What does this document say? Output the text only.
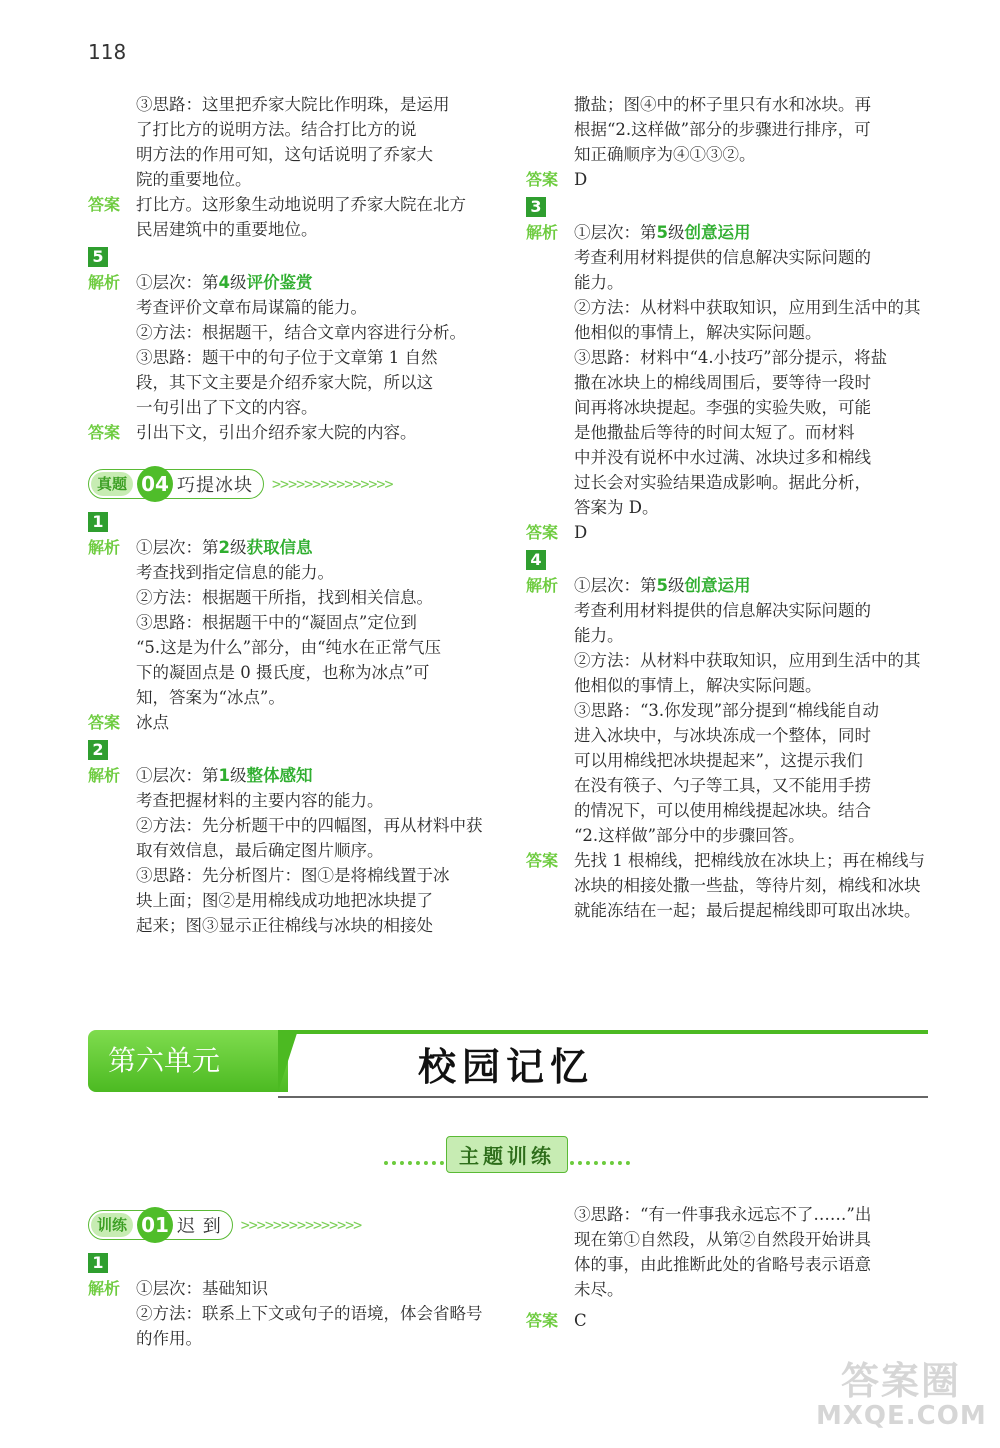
118
③思路：这里把乔家大院比作明珠，是运用
了打比方的说明方法。结合打比方的说
明方法的作用可知，这句话说明了乔家大
院的重要地位。
答案 打比方。这形象生动地说明了乔家大院在北方
民居建筑中的重要地位。
5
解析 ①层次：第4级评价鉴赏
考查评价文章布局谋篇的能力。
②方法：根据题干，结合文章内容进行分析。
③思路：题干中的句子位于文章第 1 自然
段，其下文主要是介绍乔家大院，所以这
一句引出了下文的内容。
答案 引出下文，引出介绍乔家大院的内容。
真题 04 巧提冰块 >>>>>>>>>>>>>>>
1
解析 ①层次：第2级获取信息
考查找到指定信息的能力。
②方法：根据题干所指，找到相关信息。
③思路：根据题干中的“凝固点”定位到
“5.这是为什么”部分，由“纯水在正常气压
下的凝固点是 0 摄氏度，也称为冰点”可
知，答案为“冰点”。
答案 冰点
2
解析 ①层次：第1级整体感知
考查把握材料的主要内容的能力。
②方法：先分析题干中的四幅图，再从材料中获
取有效信息，最后确定图片顺序。
③思路：先分析图片：图①是将棉线置于冰
块上面；图②是用棉线成功地把冰块提了
起来；图③显示正往棉线与冰块的相接处
撒盐；图④中的杯子里只有水和冰块。再
根据“2.这样做”部分的步骤进行排序，可
知正确顺序为④①③②。
答案 D
3
解析 ①层次：第5级创意运用
考查利用材料提供的信息解决实际问题的
能力。
②方法：从材料中获取知识，应用到生活中的其
他相似的事情上，解决实际问题。
③思路：材料中“4.小技巧”部分提示，将盐
撒在冰块上的棉线周围后，要等待一段时
间再将冰块提起。李强的实验失败，可能
是他撒盐后等待的时间太短了。而材料
中并没有说杯中水过满、冰块过多和棉线
过长会对实验结果造成影响。据此分析，
答案为 D。
答案 D
4
解析 ①层次：第5级创意运用
考查利用材料提供的信息解决实际问题的
能力。
②方法：从材料中获取知识，应用到生活中的其
他相似的事情上，解决实际问题。
③思路：“3.你发现”部分提到“棉线能自动
进入冰块中，与冰块冻成一个整体，同时
可以用棉线把冰块提起来”，这提示我们
在没有筷子、勺子等工具，又不能用手捞
的情况下，可以使用棉线提起冰块。结合
“2.这样做”部分中的步骤回答。
答案 先找 1 根棉线，把棉线放在冰块上；再在棉线与
冰块的相接处撒一些盐，等待片刻，棉线和冰块
就能冻结在一起；最后提起棉线即可取出冰块。
第六单元	校园记忆
主题训练
训练 01 迟 到 >>>>>>>>>>>>>>>
1
解析 ①层次：基础知识
②方法：联系上下文或句子的语境，体会省略号
的作用。
③思路：“有一件事我永远忘不了……”出
现在第①自然段，从第②自然段开始讲具
体的事，由此推断此处的省略号表示语意
未尽。
答案 C
答案圈
MXQE.COM
